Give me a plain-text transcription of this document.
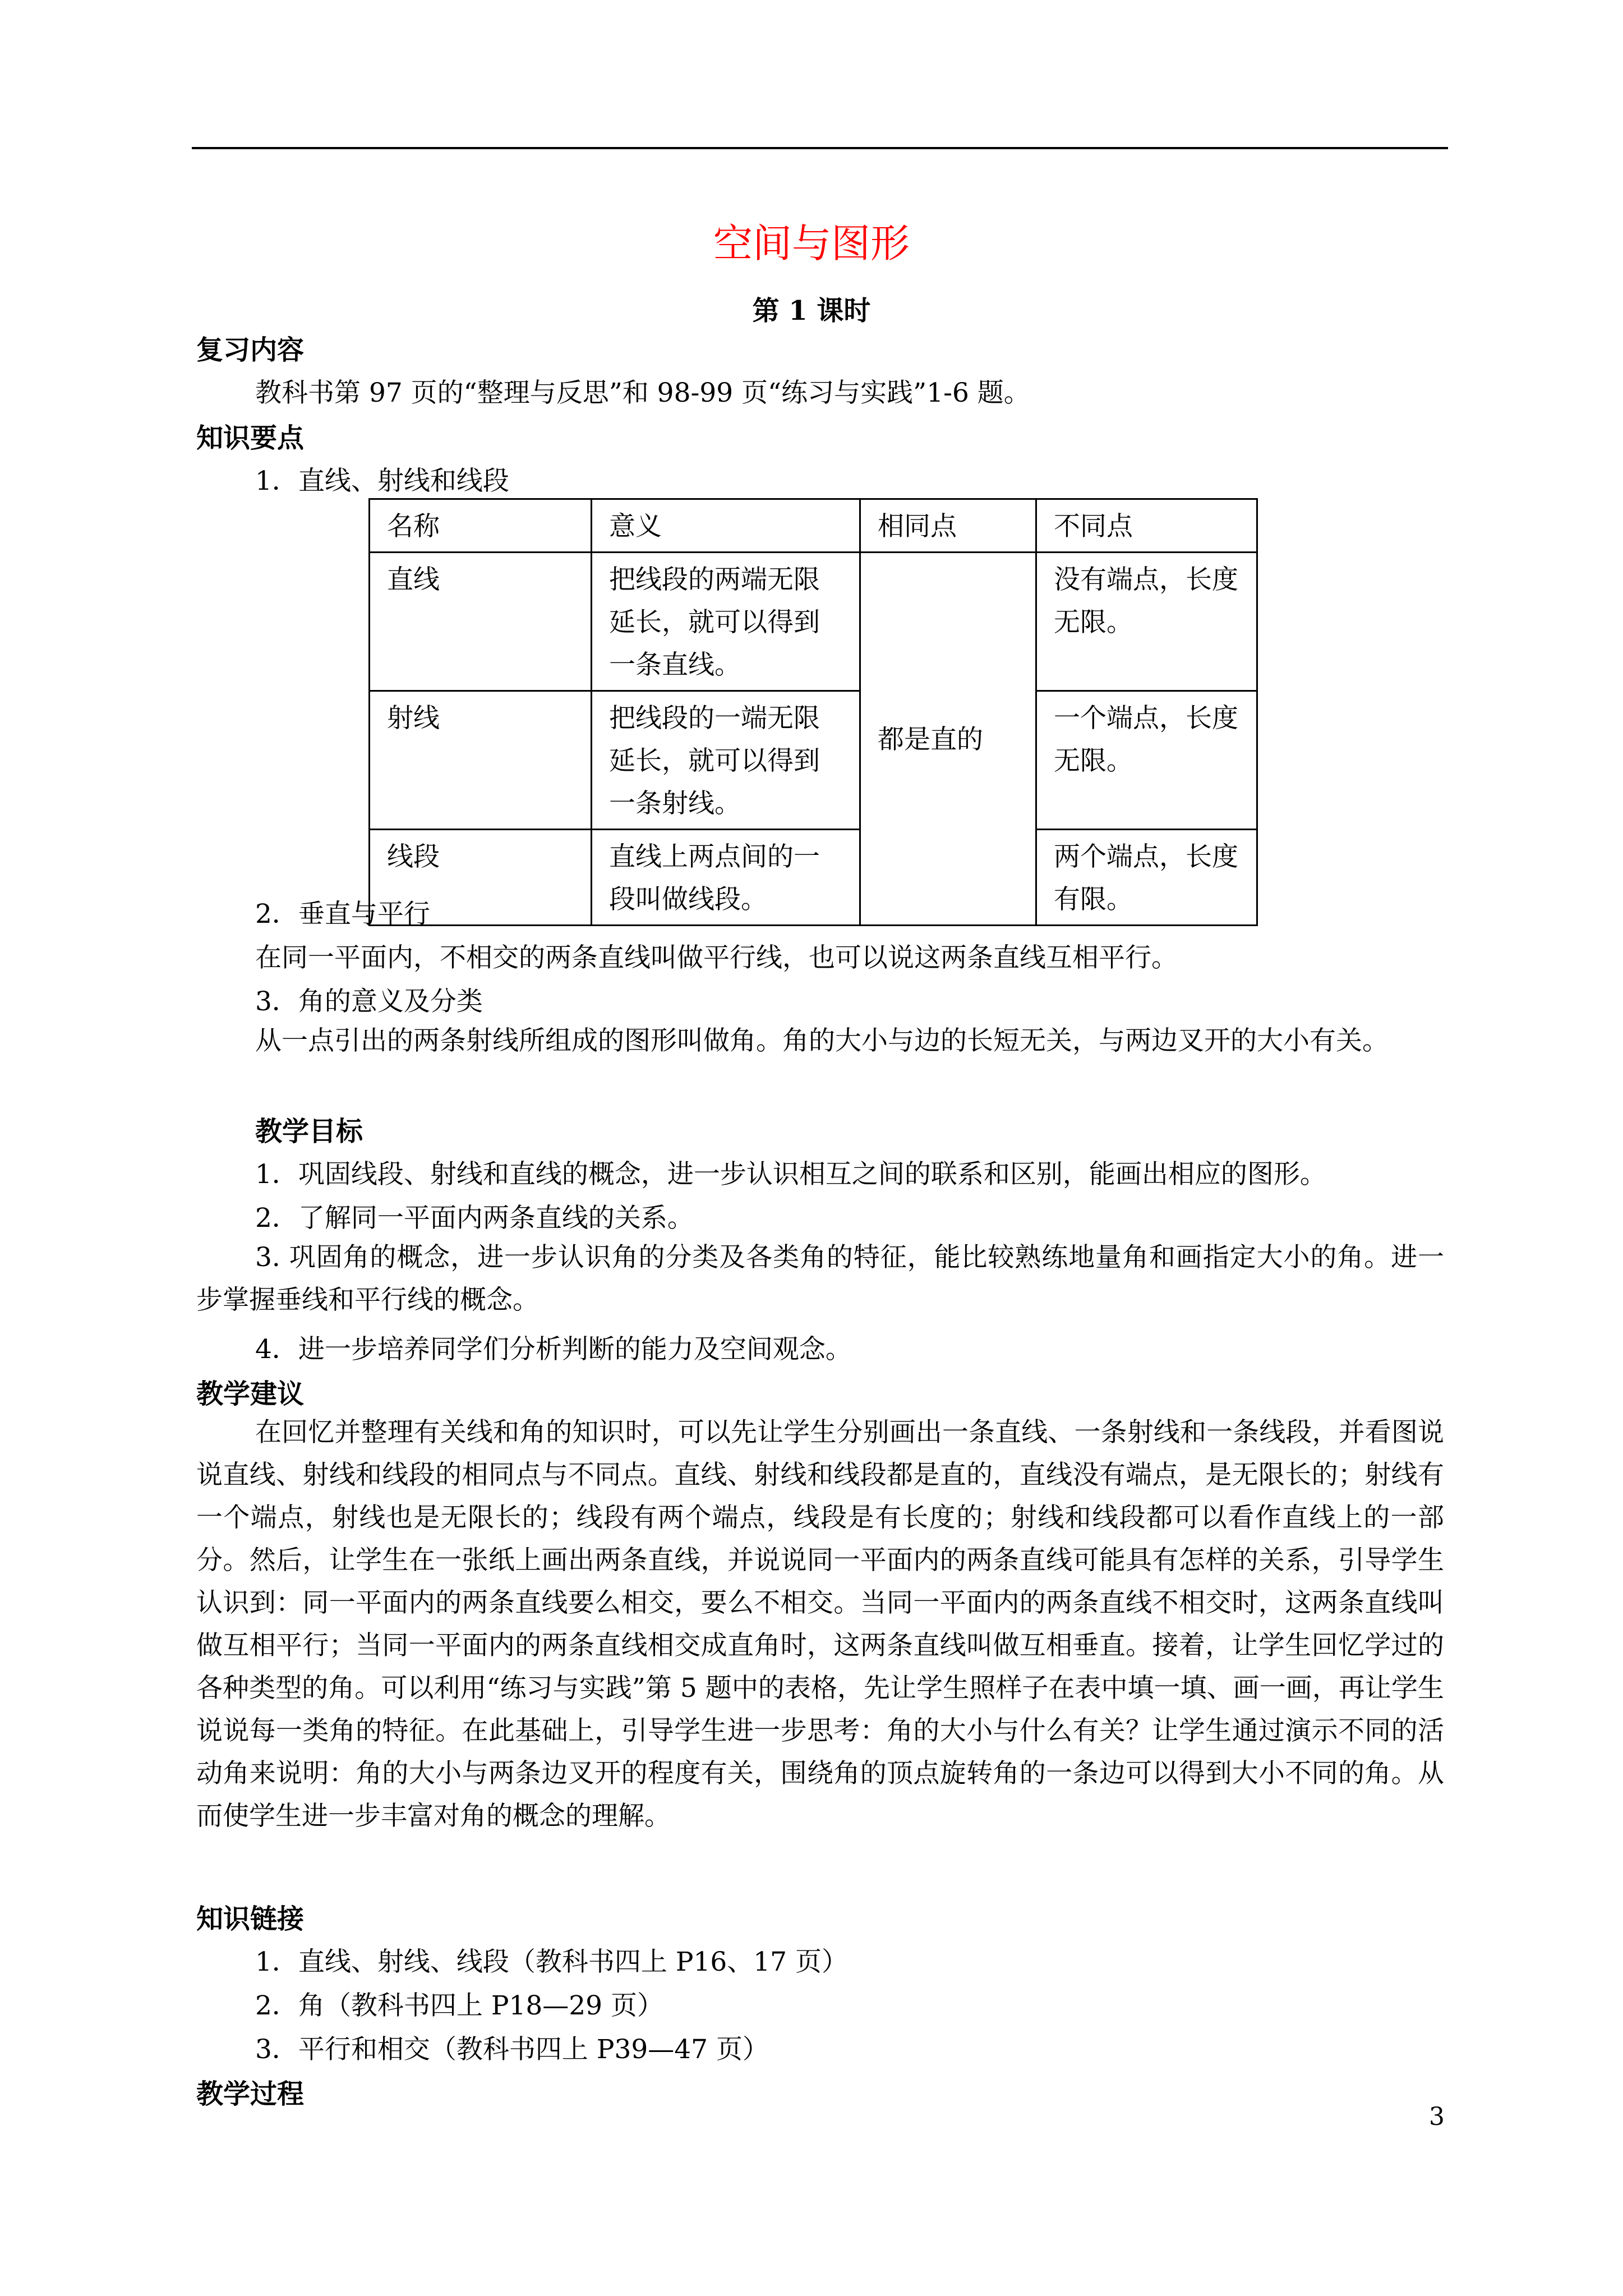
空间与图形
第 1 课时
复习内容
教科书第 97 页的“整理与反思”和 98-99 页“练习与实践”1-6 题。
知识要点
1．直线、射线和线段
名称	意义	相同点	不同点
直线	把线段的两端无限延长，就可以得到一条直线。	都是直的	没有端点，长度无限。
射线	把线段的一端无限延长，就可以得到一条射线。		一个端点，长度无限。
线段	直线上两点间的一段叫做线段。		两个端点，长度有限。
2．垂直与平行
在同一平面内，不相交的两条直线叫做平行线，也可以说这两条直线互相平行。
3．角的意义及分类
从一点引出的两条射线所组成的图形叫做角。角的大小与边的长短无关，与两边叉开的大小有关。
教学目标
1．巩固线段、射线和直线的概念，进一步认识相互之间的联系和区别，能画出相应的图形。
2．了解同一平面内两条直线的关系。
3. 巩固角的概念，进一步认识角的分类及各类角的特征，能比较熟练地量角和画指定大小的角。进一步掌握垂线和平行线的概念。
4．进一步培养同学们分析判断的能力及空间观念。
教学建议
在回忆并整理有关线和角的知识时，可以先让学生分别画出一条直线、一条射线和一条线段，并看图说说直线、射线和线段的相同点与不同点。直线、射线和线段都是直的，直线没有端点，是无限长的；射线有一个端点，射线也是无限长的；线段有两个端点，线段是有长度的；射线和线段都可以看作直线上的一部分。然后，让学生在一张纸上画出两条直线，并说说同一平面内的两条直线可能具有怎样的关系，引导学生认识到：同一平面内的两条直线要么相交，要么不相交。当同一平面内的两条直线不相交时，这两条直线叫做互相平行；当同一平面内的两条直线相交成直角时，这两条直线叫做互相垂直。接着，让学生回忆学过的各种类型的角。可以利用“练习与实践”第 5 题中的表格，先让学生照样子在表中填一填、画一画，再让学生说说每一类角的特征。在此基础上，引导学生进一步思考：角的大小与什么有关？让学生通过演示不同的活动角来说明：角的大小与两条边叉开的程度有关，围绕角的顶点旋转角的一条边可以得到大小不同的角。从而使学生进一步丰富对角的概念的理解。
知识链接
1．直线、射线、线段（教科书四上 P16、17 页）
2．角（教科书四上 P18—29 页）
3．平行和相交（教科书四上 P39—47 页）
教学过程
3
